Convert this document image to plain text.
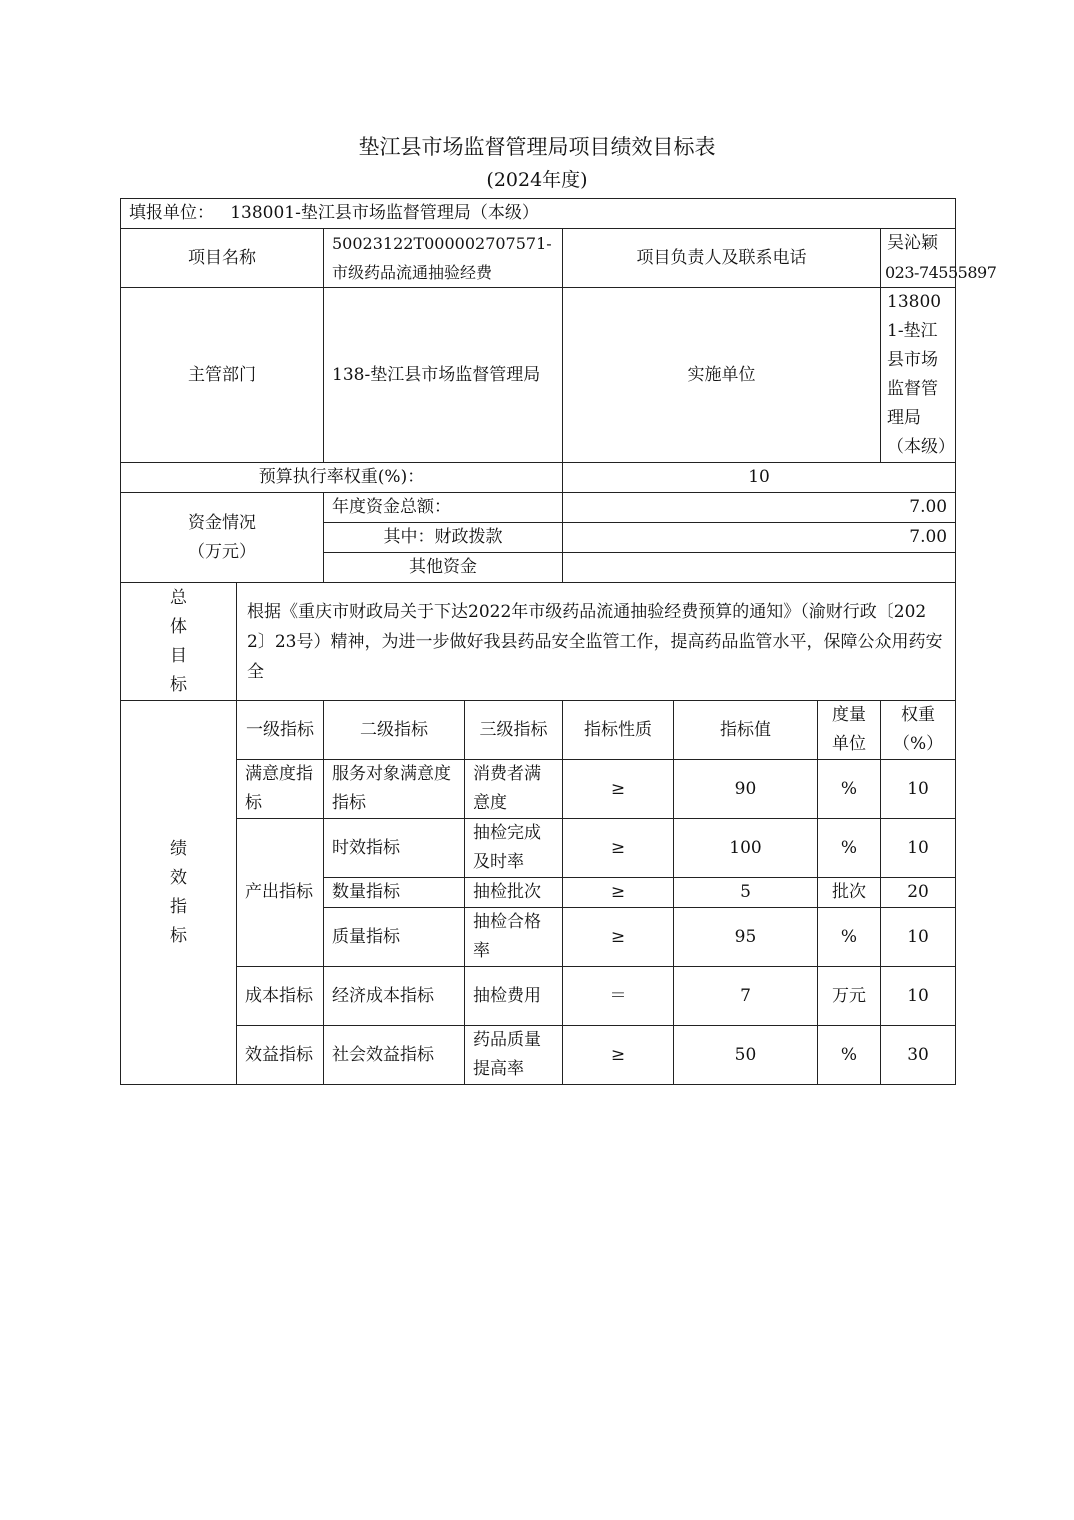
垫江县市场监督管理局项目绩效目标表
(2024年度)
填报单位： 138001-垫江县市场监督管理局（本级）							
项目名称		50023122T000002707571-市级药品流通抽验经费		项目负责人及联系电话			吴沁颖
023-74555897

主管部门		138-垫江县市场监督管理局		实施单位			138001-垫江县市场监督管理局（本级）
预算执行率权重(%)：				10			

资金情况
（万元）		年度资金总额：		7.00			
		其中：财政拨款		7.00			
		其他资金					

总
体
目
标	根据《重庆市财政局关于下达2022年市级药品流通抽验经费预算的通知》（渝财行政〔2022〕23号）精神，为进一步做好我县药品安全监管工作，提高药品监管水平，保障公众用药安全						

绩
效
指
标	一级指标	二级指标	三级指标	指标性质	指标值	度量单位	权重（%）
	满意度指标	服务对象满意度指标	消费者满意度	≥	90	%	10
	产出指标	时效指标	抽检完成及时率	≥	100	%	10
		数量指标	抽检批次	≥	5	批次	20
		质量指标	抽检合格率	≥	95	%	10
	成本指标	经济成本指标	抽检费用	＝	7	万元	10
	效益指标	社会效益指标	药品质量提高率	≥	50	%	30
